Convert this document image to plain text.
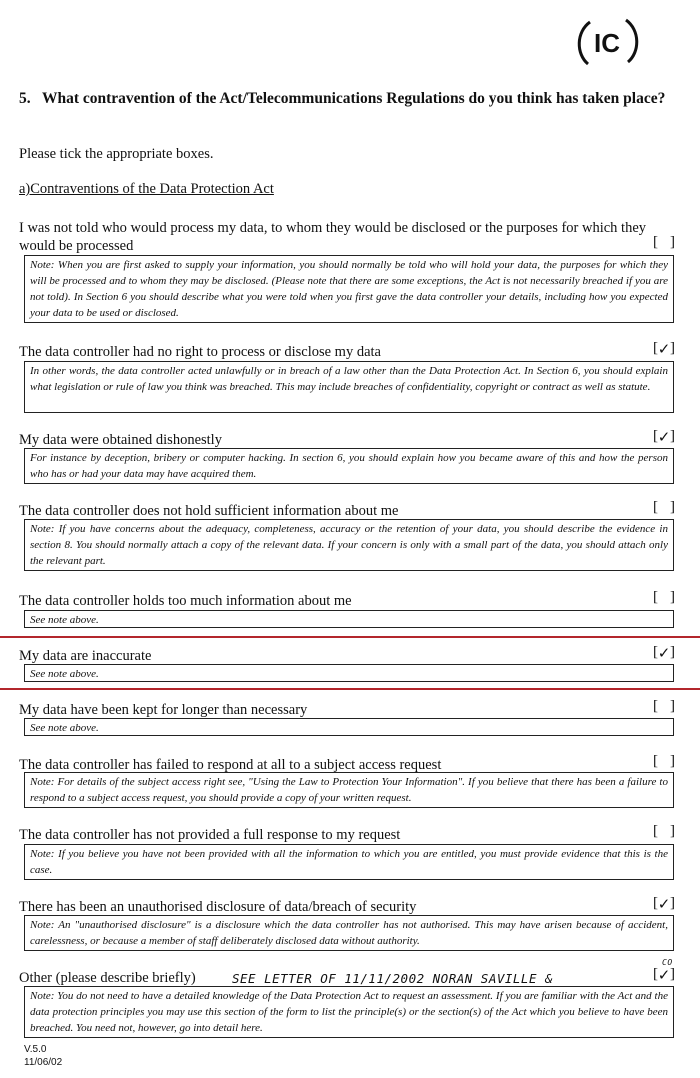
IC
5. What contravention of the Act/Telecommunications Regulations do you think has taken place?
Please tick the appropriate boxes.
a)Contraventions of the Data Protection Act
I was not told who would process my data, to whom they would be disclosed or the purposes for which they would be processed
[ ]
Note: When you are first asked to supply your information, you should normally be told who will hold your data, the purposes for which they will be processed and to whom they may be disclosed. (Please note that there are some exceptions, the Act is not necessarily breached if you are not told). In Section 6 you should describe what you were told when you first gave the data controller your details, including how you expected your data to be used or disclosed.
The data controller had no right to process or disclose my data	[ ✓ ]
In other words, the data controller acted unlawfully or in breach of a law other than the Data Protection Act. In Section 6, you should explain what legislation or rule of law you think was breached. This may include breaches of confidentiality, copyright or contract as well as statute.
My data were obtained dishonestly	[ ✓ ]
For instance by deception, bribery or computer hacking. In section 6, you should explain how you became aware of this and how the person who has or had your data may have acquired them.
The data controller does not hold sufficient information about me
[ ]
Note: If you have concerns about the adequacy, completeness, accuracy or the retention of your data, you should describe the evidence in section 8. You should normally attach a copy of the relevant data. If your concern is only with a small part of the data, you should attach only the relevant part.
The data controller holds too much information about me
[ ]
See note above.
My data are inaccurate	[ ✓ ]
See note above.
My data have been kept for longer than necessary
[ ]
See note above.
The data controller has failed to respond at all to a subject access request
[ ]
Note: For details of the subject access right see, "Using the Law to Protection Your Information". If you believe that there has been a failure to respond to a subject access request, you should provide a copy of your written request.
The data controller has not provided a full response to my request
[ ]
Note: If you believe you have not been provided with all the information to which you are entitled, you must provide evidence that this is the case.
There has been an unauthorised disclosure of data/breach of security	[ ✓ ]
Note: An "unauthorised disclosure" is a disclosure which the data controller has not authorised. This may have arisen because of accident, carelessness, or because a member of staff deliberately disclosed data without authority.
Other (please describe briefly)	SEE LETTER OF 11/11/2002 NORAN SAVILLE &
CO
[ ✓ ]
Note: You do not need to have a detailed knowledge of the Data Protection Act to request an assessment. If you are familiar with the Act and the data protection principles you may use this section of the form to list the principle(s) or the section(s) of the Act which you believe to have been breached. You need not, however, go into detail here.
V.5.0
11/06/02
